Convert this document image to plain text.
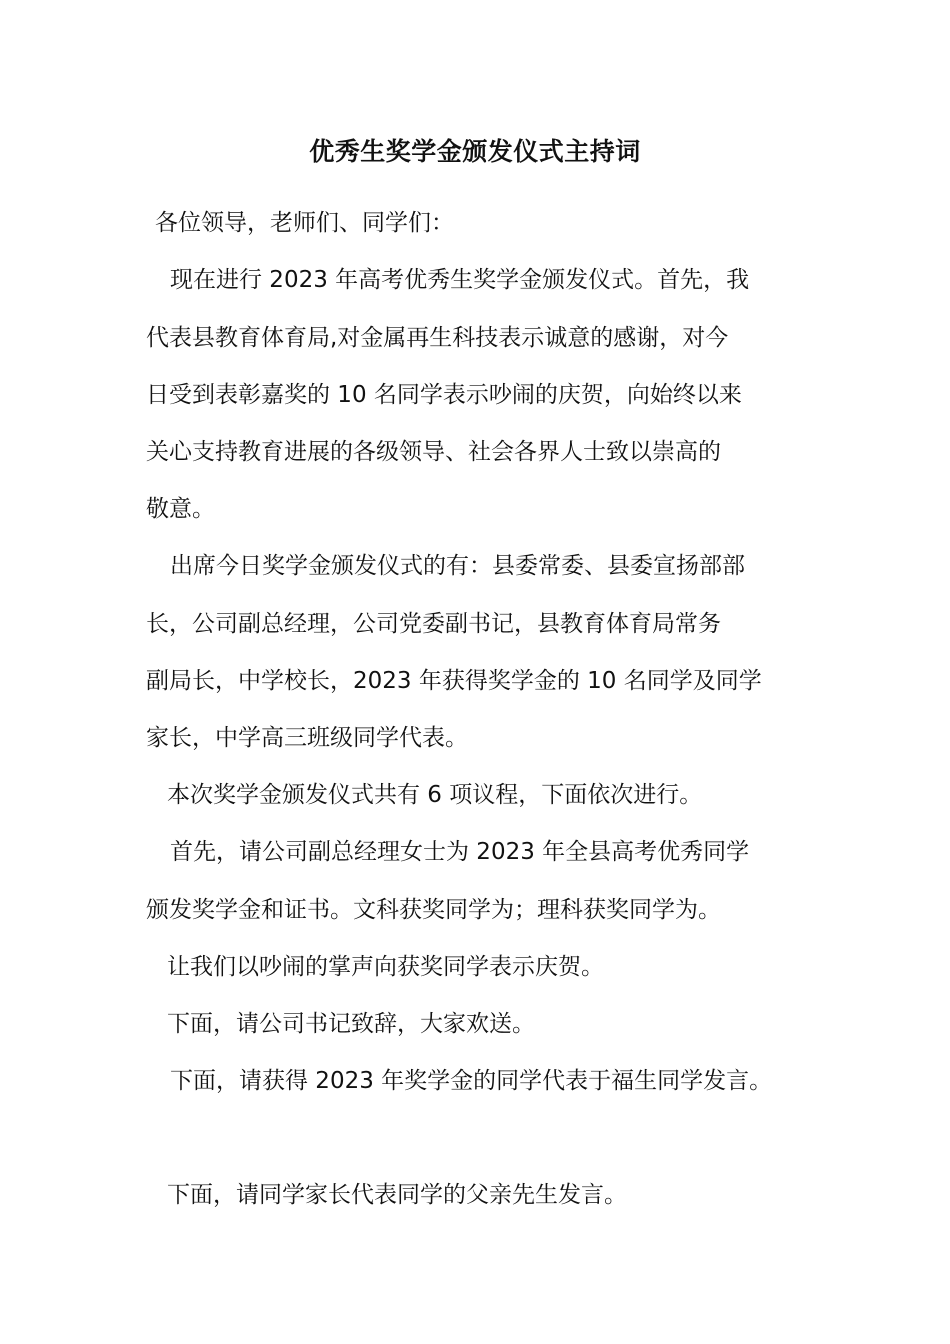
优秀生奖学金颁发仪式主持词
各位领导，老师们、同学们：
现在进行 2023 年高考优秀生奖学金颁发仪式。首先，我
代表县教育体育局,对金属再生科技表示诚意的感谢，对今
日受到表彰嘉奖的 10 名同学表示吵闹的庆贺，向始终以来
关心支持教育进展的各级领导、社会各界人士致以崇高的
敬意。
出席今日奖学金颁发仪式的有：县委常委、县委宣扬部部
长，公司副总经理，公司党委副书记，县教育体育局常务
副局长，中学校长，2023 年获得奖学金的 10 名同学及同学
家长，中学高三班级同学代表。
本次奖学金颁发仪式共有 6 项议程，下面依次进行。
首先，请公司副总经理女士为 2023 年全县高考优秀同学
颁发奖学金和证书。文科获奖同学为；理科获奖同学为。
让我们以吵闹的掌声向获奖同学表示庆贺。
下面，请公司书记致辞，大家欢送。
下面，请获得 2023 年奖学金的同学代表于福生同学发言。
下面，请同学家长代表同学的父亲先生发言。
